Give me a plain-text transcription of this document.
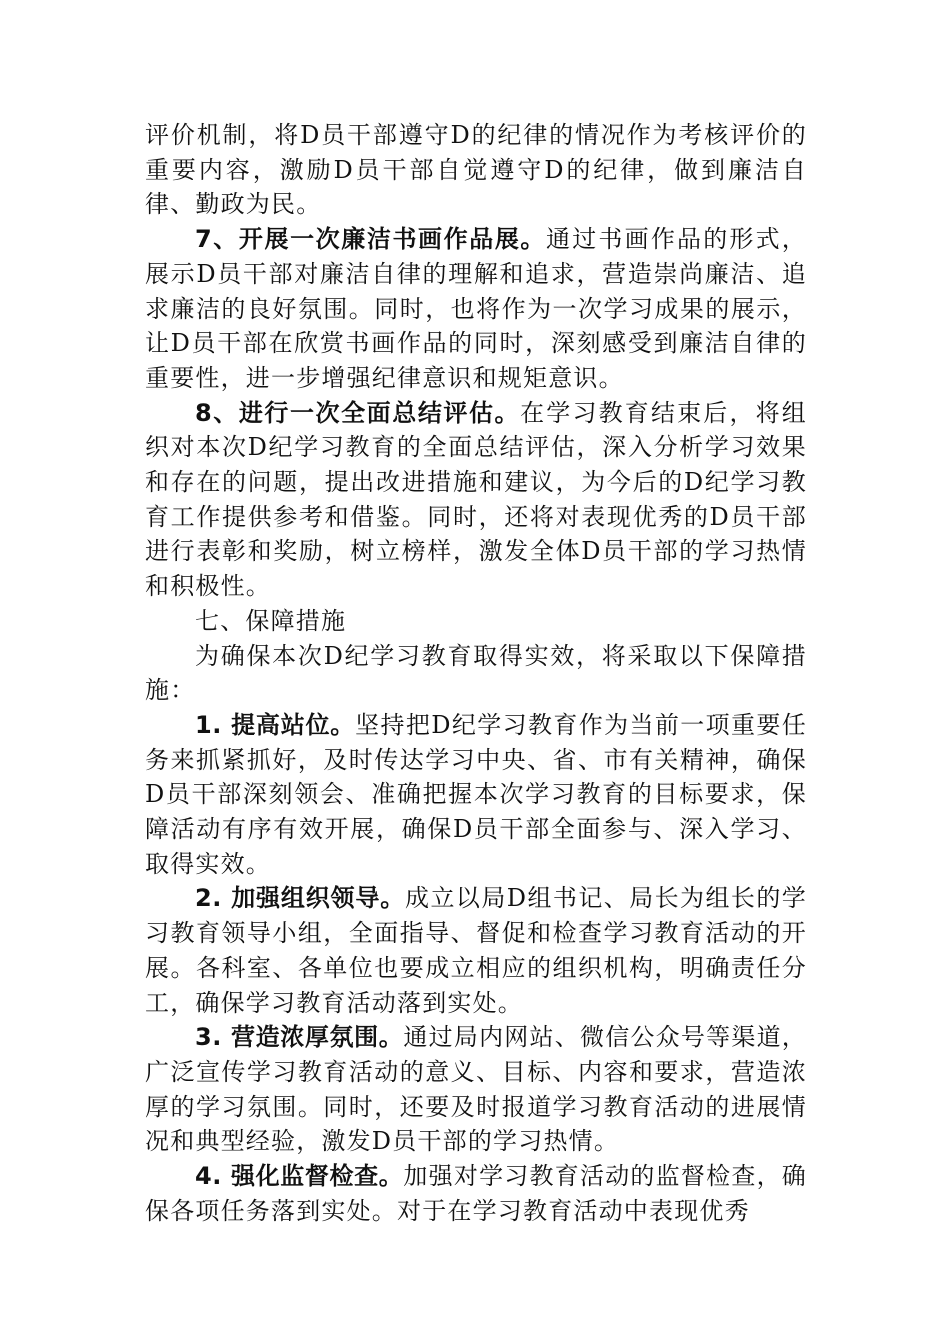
评价机制，将D员干部遵守D的纪律的情况作为考核评价的重要内容，激励D员干部自觉遵守D的纪律，做到廉洁自律、勤政为民。

7、开展一次廉洁书画作品展。通过书画作品的形式，展示D员干部对廉洁自律的理解和追求，营造崇尚廉洁、追求廉洁的良好氛围。同时，也将作为一次学习成果的展示，让D员干部在欣赏书画作品的同时，深刻感受到廉洁自律的重要性，进一步增强纪律意识和规矩意识。

8、进行一次全面总结评估。在学习教育结束后，将组织对本次D纪学习教育的全面总结评估，深入分析学习效果和存在的问题，提出改进措施和建议，为今后的D纪学习教育工作提供参考和借鉴。同时，还将对表现优秀的D员干部进行表彰和奖励，树立榜样，激发全体D员干部的学习热情和积极性。

七、保障措施

为确保本次D纪学习教育取得实效，将采取以下保障措施：

1. 提高站位。坚持把D纪学习教育作为当前一项重要任务来抓紧抓好，及时传达学习中央、省、市有关精神，确保D员干部深刻领会、准确把握本次学习教育的目标要求，保障活动有序有效开展，确保D员干部全面参与、深入学习、取得实效。

2. 加强组织领导。成立以局D组书记、局长为组长的学习教育领导小组，全面指导、督促和检查学习教育活动的开展。各科室、各单位也要成立相应的组织机构，明确责任分工，确保学习教育活动落到实处。

3. 营造浓厚氛围。通过局内网站、微信公众号等渠道，广泛宣传学习教育活动的意义、目标、内容和要求，营造浓厚的学习氛围。同时，还要及时报道学习教育活动的进展情况和典型经验，激发D员干部的学习热情。

4. 强化监督检查。加强对学习教育活动的监督检查，确保各项任务落到实处。对于在学习教育活动中表现优秀
